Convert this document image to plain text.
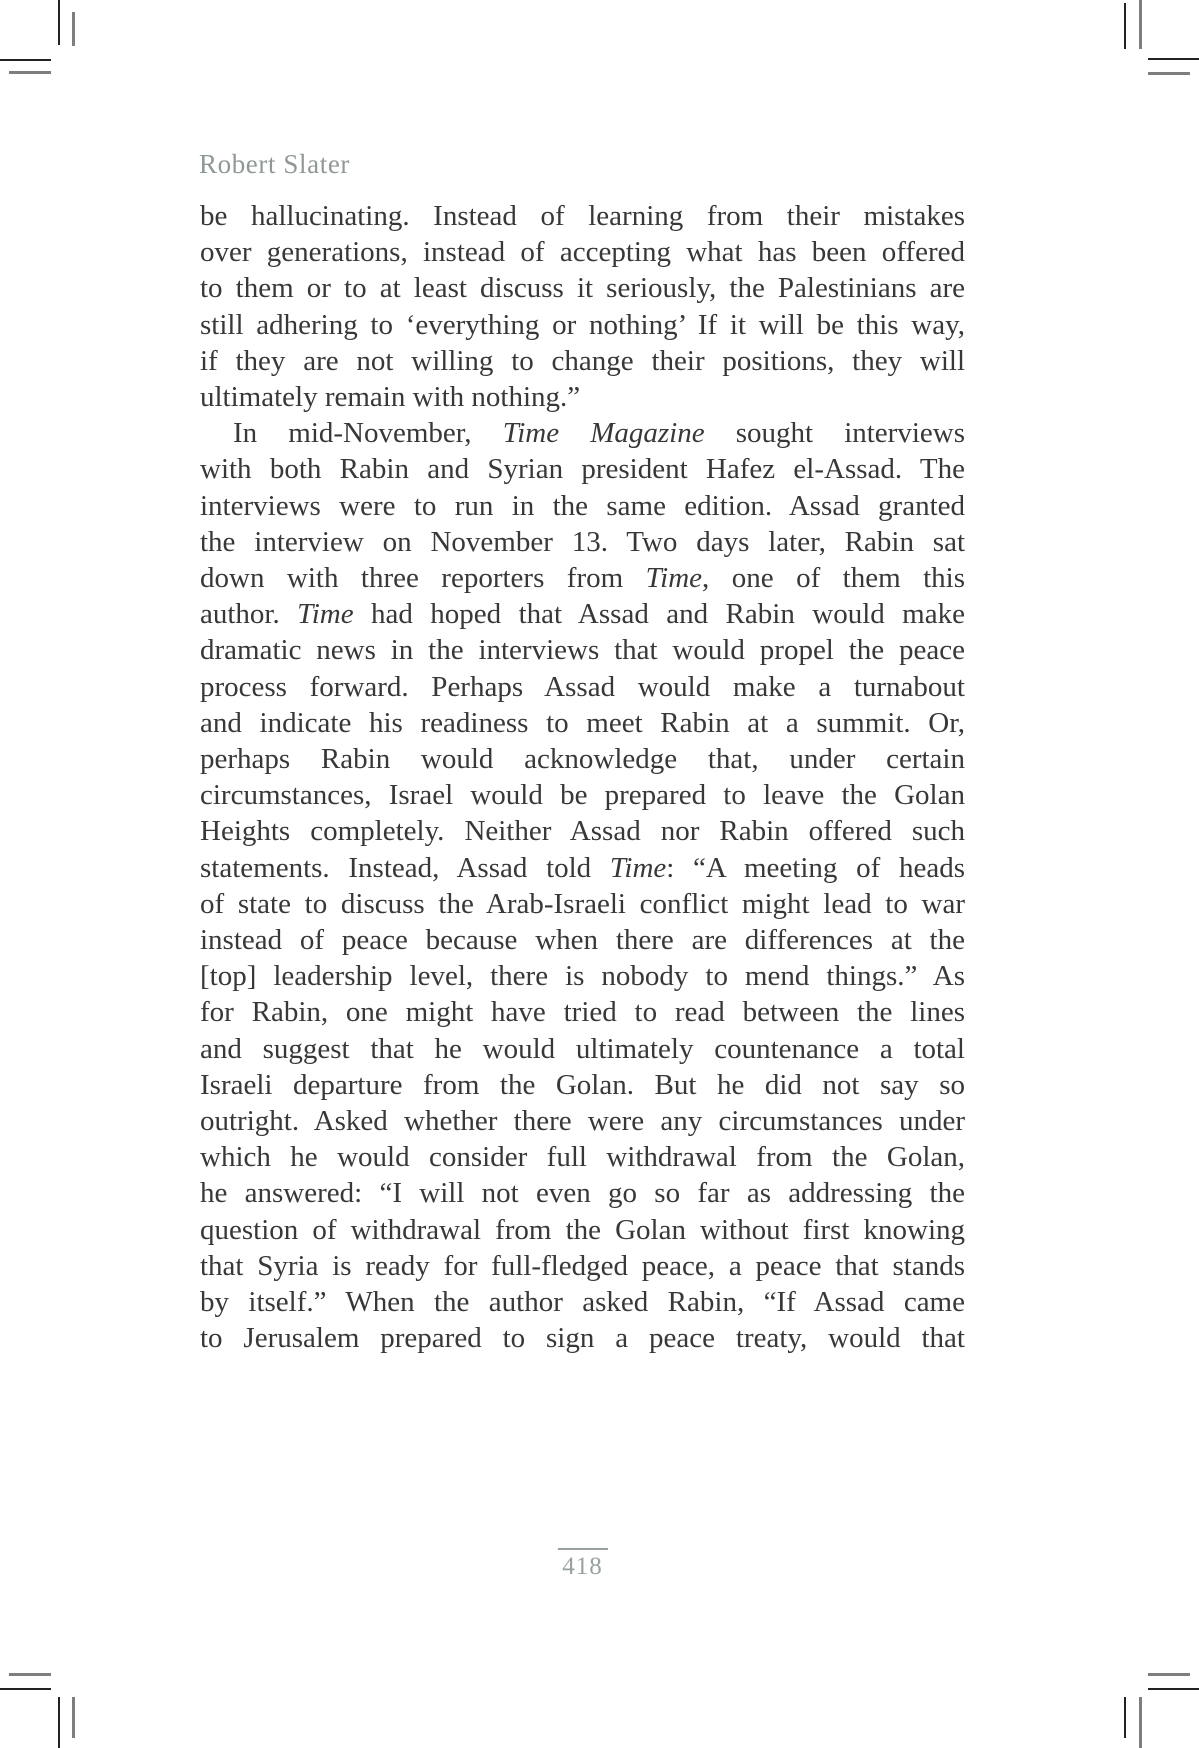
Robert Slater
be hallucinating. Instead of learning from their mistakes
over generations, instead of accepting what has been offered
to them or to at least discuss it seriously, the Palestinians are
still adhering to ‘everything or nothing’ If it will be this way,
if they are not willing to change their positions, they will
ultimately remain with nothing.”
In mid-November, Time Magazine sought interviews
with both Rabin and Syrian president Hafez el-Assad. The
interviews were to run in the same edition. Assad granted
the interview on November 13. Two days later, Rabin sat
down with three reporters from Time, one of them this
author. Time had hoped that Assad and Rabin would make
dramatic news in the interviews that would propel the peace
process forward. Perhaps Assad would make a turnabout
and indicate his readiness to meet Rabin at a summit. Or,
perhaps Rabin would acknowledge that, under certain
circumstances, Israel would be prepared to leave the Golan
Heights completely. Neither Assad nor Rabin offered such
statements. Instead, Assad told Time: “A meeting of heads
of state to discuss the Arab-Israeli conflict might lead to war
instead of peace because when there are differences at the
[top] leadership level, there is nobody to mend things.” As
for Rabin, one might have tried to read between the lines
and suggest that he would ultimately countenance a total
Israeli departure from the Golan. But he did not say so
outright. Asked whether there were any circumstances under
which he would consider full withdrawal from the Golan,
he answered: “I will not even go so far as addressing the
question of withdrawal from the Golan without first knowing
that Syria is ready for full-fledged peace, a peace that stands
by itself.” When the author asked Rabin, “If Assad came
to Jerusalem prepared to sign a peace treaty, would that
418
